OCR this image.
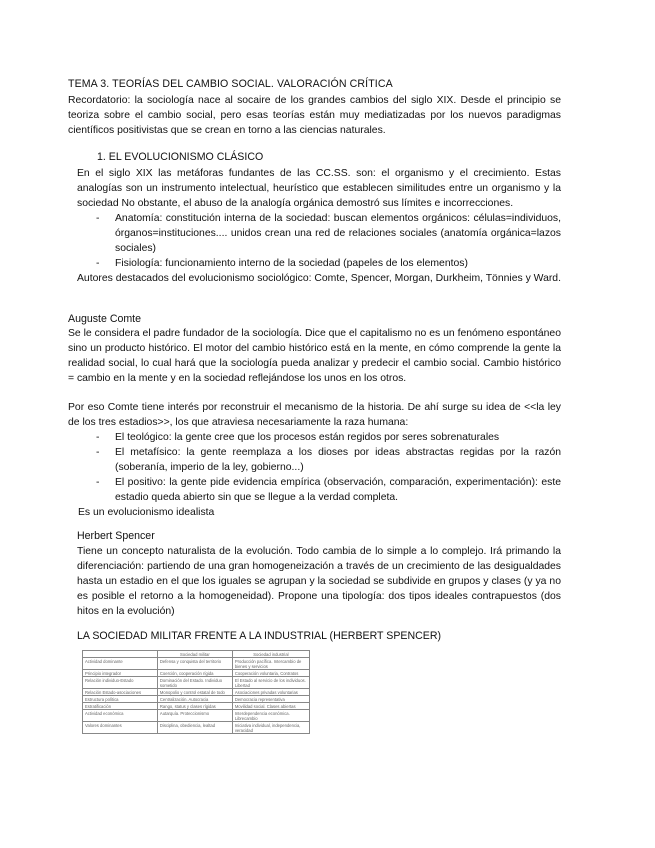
TEMA 3. TEORÍAS DEL CAMBIO SOCIAL. VALORACIÓN CRÍTICA
Recordatorio: la sociología nace al socaire de los grandes cambios del siglo XIX. Desde el principio se teoriza sobre el cambio social, pero esas teorías están muy mediatizadas por los nuevos paradigmas científicos positivistas que se crean en torno a las ciencias naturales.
1. EL EVOLUCIONISMO CLÁSICO
En el siglo XIX las metáforas fundantes de las CC.SS. son: el organismo y el crecimiento. Estas analogías son un instrumento intelectual, heurístico que establecen similitudes entre un organismo y la sociedad No obstante, el abuso de la analogía orgánica demostró sus límites e incorrecciones.
- Anatomía: constitución interna de la sociedad: buscan elementos orgánicos: células=individuos, órganos=instituciones.... unidos crean una red de relaciones sociales (anatomía orgánica=lazos sociales)
- Fisiología: funcionamiento interno de la sociedad (papeles de los elementos)
Autores destacados del evolucionismo sociológico: Comte, Spencer, Morgan, Durkheim, Tönnies y Ward.
Auguste Comte
Se le considera el padre fundador de la sociología. Dice que el capitalismo no es un fenómeno espontáneo sino un producto histórico. El motor del cambio histórico está en la mente, en cómo comprende la gente la realidad social, lo cual hará que la sociología pueda analizar y predecir el cambio social. Cambio histórico = cambio en la mente y en la sociedad reflejándose los unos en los otros.
Por eso Comte tiene interés por reconstruir el mecanismo de la historia. De ahí surge su idea de <<la ley de los tres estadios>>, los que atraviesa necesariamente la raza humana:
- El teológico: la gente cree que los procesos están regidos por seres sobrenaturales
- El metafísico: la gente reemplaza a los dioses por ideas abstractas regidas por la razón (soberanía, imperio de la ley, gobierno...)
- El positivo: la gente pide evidencia empírica (observación, comparación, experimentación): este estadio queda abierto sin que se llegue a la verdad completa.
Es un evolucionismo idealista
Herbert Spencer
Tiene un concepto naturalista de la evolución. Todo cambia de lo simple a lo complejo. Irá primando la diferenciación: partiendo de una gran homogeneización a través de un crecimiento de las desigualdades hasta un estadio en el que los iguales se agrupan y la sociedad se subdivide en grupos y clases (y ya no es posible el retorno a la homogeneidad). Propone una tipología: dos tipos ideales contrapuestos (dos hitos en la evolución)
LA SOCIEDAD MILITAR FRENTE A LA INDUSTRIAL (HERBERT SPENCER)
	Sociedad militar	Sociedad industrial
Actividad dominante	Defensa y conquista del territorio	Producción pacífica. Intercambio de bienes y servicios
Principio integrador	Coerción, cooperación rígida	Cooperación voluntaria, Contratos
Relación individuo-Estado	Dominación del Estado. Individuo sometido	El Estado al servicio de los individuos. Libertad
Relación Estado-asociaciones	Monopolio y control estatal de todo	Asociaciones privadas voluntarias
Estructura política	Centralización. Autocracia	Democracia representativa
Estratificación	Rango, status y clases rígidas	Movilidad social. Clases abiertas
Actividad económica	Autarquía. Proteccionismo	Interdependencia económica. Librecambio
Valores dominantes	Disciplina, obediencia, lealtad	Iniciativa individual, independencia, veracidad
